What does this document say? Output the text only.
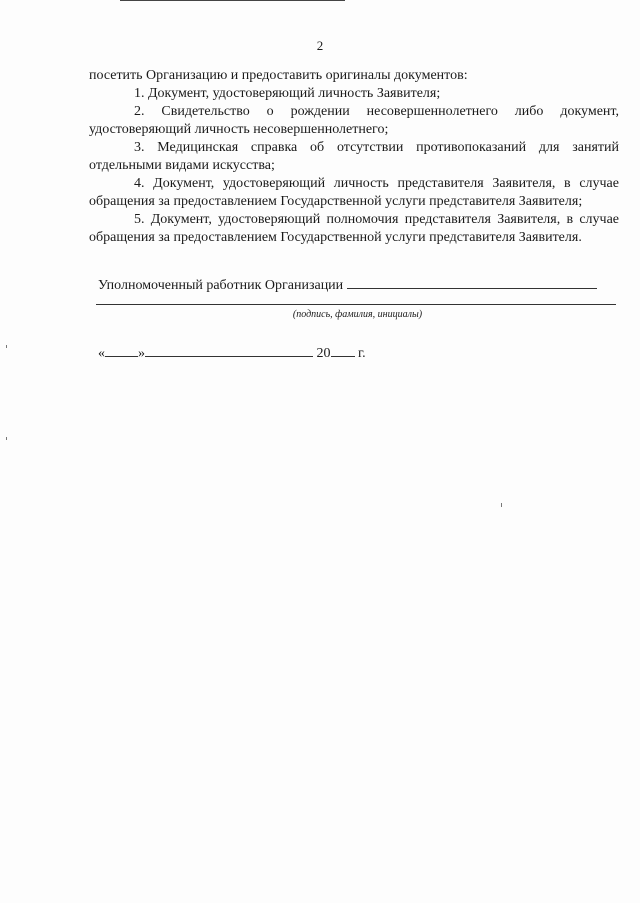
2

посетить Организацию и предоставить оригиналы документов:

1. Документ, удостоверяющий личность Заявителя;

2. Свидетельство о рождении несовершеннолетнего либо документ, удостоверяющий личность несовершеннолетнего;

3. Медицинская справка об отсутствии противопоказаний для занятий отдельными видами искусства;

4. Документ, удостоверяющий личность представителя Заявителя, в случае обращения за предоставлением Государственной услуги представителя Заявителя;

5. Документ, удостоверяющий полномочия представителя Заявителя, в случае обращения за предоставлением Государственной услуги представителя Заявителя.

Уполномоченный работник Организации
(подпись, фамилия, инициалы)
« »	20 г.
